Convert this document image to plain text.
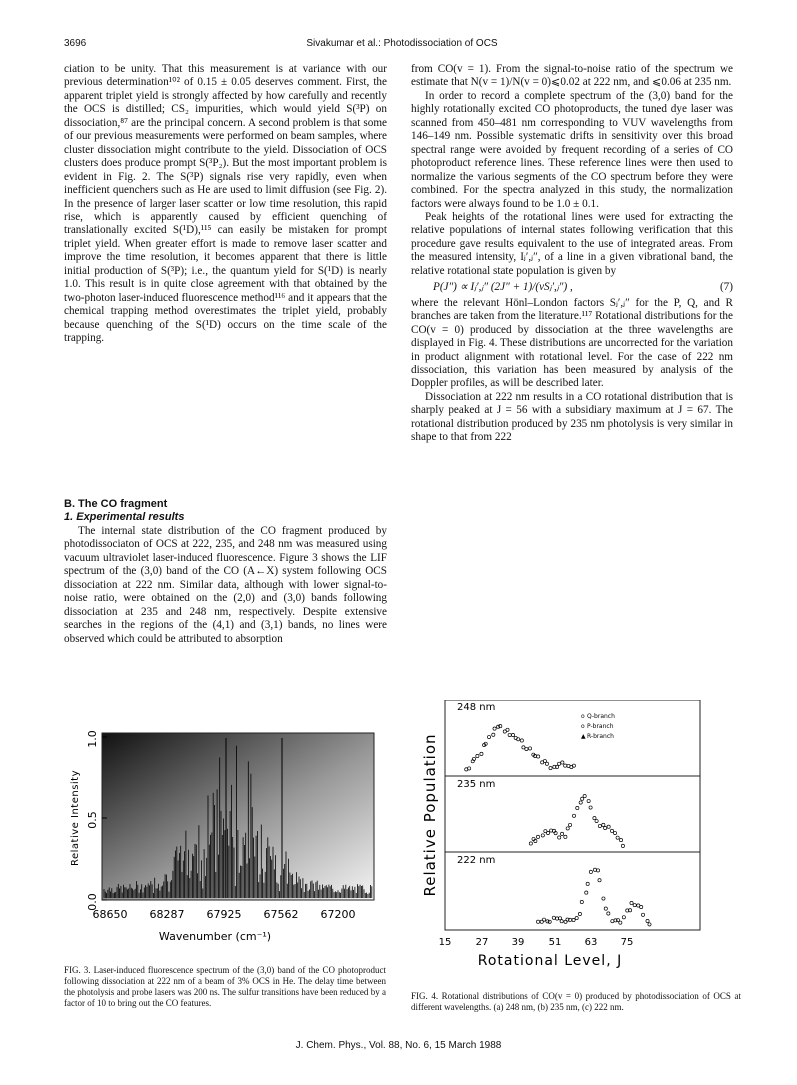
3696	Sivakumar et al.: Photodissociation of OCS

ciation to be unity. That this measurement is at variance with our previous determination¹⁰² of 0.15 ± 0.05 deserves comment. First, the apparent triplet yield is strongly affected by how carefully and recently the OCS is distilled; CS₂ impurities, which would yield S(³P) on dissociation,⁸⁷ are the principal concern. A second problem is that some of our previous measurements were performed on beam samples, where cluster dissociation might contribute to the yield. Dissociation of OCS clusters does produce prompt S(³P₂). But the most important problem is evident in Fig. 2. The S(³P) signals rise very rapidly, even when inefficient quenchers such as He are used to limit diffusion (see Fig. 2). In the presence of larger laser scatter or low time resolution, this rapid rise, which is apparently caused by efficient quenching of translationally excited S(¹D),¹¹⁵ can easily be mistaken for prompt triplet yield. When greater effort is made to remove laser scatter and improve the time resolution, it becomes apparent that there is little initial production of S(³P); i.e., the quantum yield for S(¹D) is nearly 1.0. This result is in quite close agreement with that obtained by the two-photon laser-induced fluorescence method¹¹⁶ and it appears that the chemical trapping method overestimates the triplet yield, probably because quenching of the S(¹D) occurs on the time scale of the trapping.

B. The CO fragment

1. Experimental results

The internal state distribution of the CO fragment produced by photodissociaton of OCS at 222, 235, and 248 nm was measured using vacuum ultraviolet laser-induced fluorescence. Figure 3 shows the LIF spectrum of the (3,0) band of the CO (A←X) system following OCS dissociation at 222 nm. Similar data, although with lower signal-to-noise ratio, were obtained on the (2,0) and (3,0) bands following dissociation at 235 and 248 nm, respectively. Despite extensive searches in the regions of the (4,1) and (3,1) bands, no lines were observed which could be attributed to absorption

from CO(v = 1). From the signal-to-noise ratio of the spectrum we estimate that N(v = 1)/N(v = 0)⩽0.02 at 222 nm, and ⩽0.06 at 235 nm.

In order to record a complete spectrum of the (3,0) band for the highly rotationally excited CO photoproducts, the tuned dye laser was scanned from 450–481 nm corresponding to VUV wavelengths from 146–149 nm. Possible systematic drifts in sensitivity over this broad spectral range were avoided by frequent recording of a series of CO photoproduct reference lines. These reference lines were then used to normalize the various segments of the CO spectrum before they were combined. For the spectra analyzed in this study, the normalization factors were always found to be 1.0 ± 0.1.

Peak heights of the rotational lines were used for extracting the relative populations of internal states following verification that this procedure gave results equivalent to the use of integrated areas. From the measured intensity, Iⱼ′,ⱼ″, of a line in a given vibrational band, the relative rotational state population is given by

P(J″) ∝ Iⱼ′,ⱼ″ (2J″ + 1)/(νSⱼ′,ⱼ″) ,	(7)

where the relevant Hönl–London factors Sⱼ′,ⱼ″ for the P, Q, and R branches are taken from the literature.¹¹⁷ Rotational distributions for the CO(v = 0) produced by dissociation at the three wavelengths are displayed in Fig. 4. These distributions are uncorrected for the variation in product alignment with rotational level. For the case of 222 nm dissociation, this variation has been measured by analysis of the Doppler profiles, as will be described later.

Dissociation at 222 nm results in a CO rotational distribution that is sharply peaked at J = 56 with a subsidiary maximum at J = 67. The rotational distribution produced by 235 nm photolysis is very similar in shape to that from 222

0.0
0.5
1.0
Relative Intensity
68650 68287 67925 67562 67200
Wavenumber (cm⁻¹)
FIG. 3. Laser-induced fluorescence spectrum of the (3,0) band of the CO photoproduct following dissociation at 222 nm of a beam of 3% OCS in He. The delay time between the photolysis and probe lasers was 200 ns. The sulfur transitions have been reduced by a factor of 10 to bring out the CO features.
248 nm
235 nm
222 nm
o Q-branch
o P-branch
▲ R-branch
Relative Population
15 27 39 51 63 75
Rotational Level, J
FIG. 4. Rotational distributions of CO(v = 0) produced by photodissociation of OCS at different wavelengths. (a) 248 nm, (b) 235 nm, (c) 222 nm.
J. Chem. Phys., Vol. 88, No. 6, 15 March 1988
